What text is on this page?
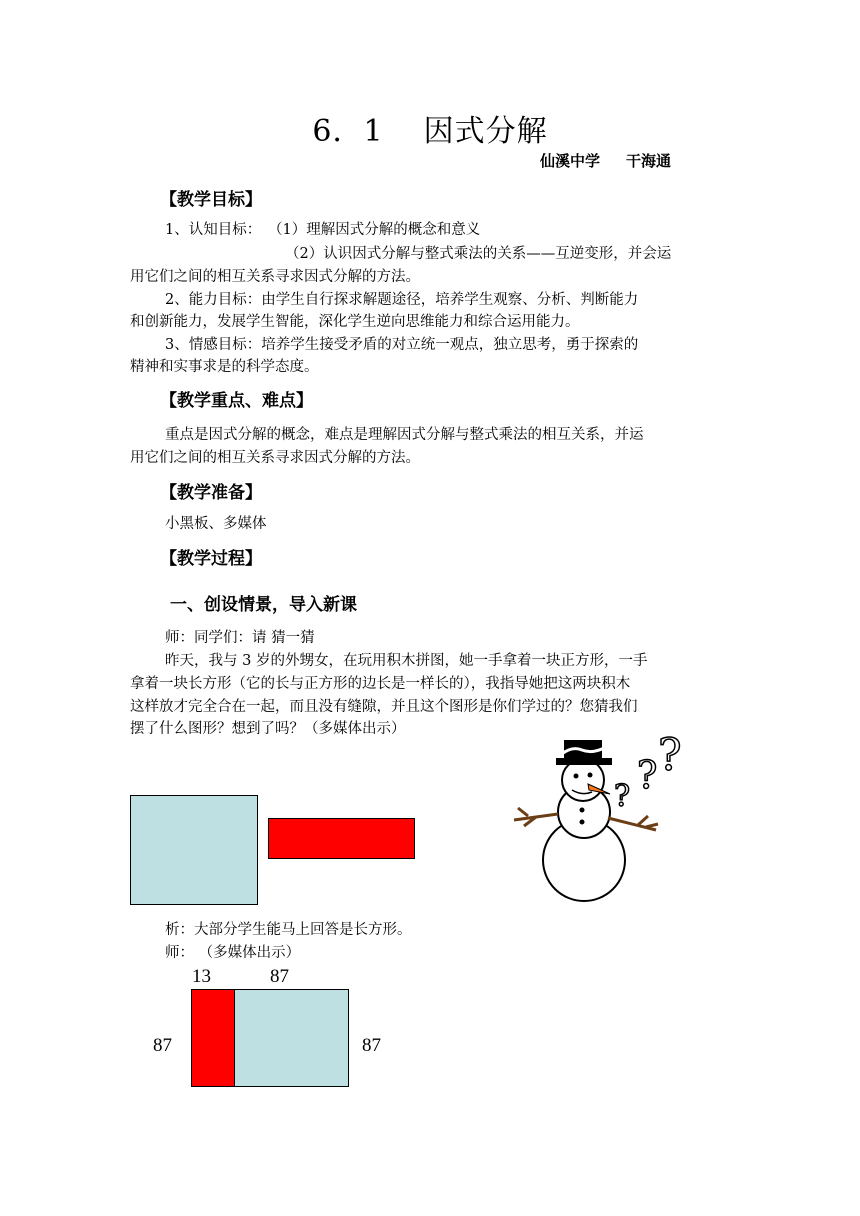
6．1 因式分解
仙溪中学 干海通
【教学目标】
1、认知目标： （1）理解因式分解的概念和意义
（2）认识因式分解与整式乘法的关系——互逆变形，并会运
用它们之间的相互关系寻求因式分解的方法。
2、能力目标：由学生自行探求解题途径，培养学生观察、分析、判断能力
和创新能力，发展学生智能，深化学生逆向思维能力和综合运用能力。
3、情感目标：培养学生接受矛盾的对立统一观点，独立思考，勇于探索的
精神和实事求是的科学态度。
【教学重点、难点】
重点是因式分解的概念，难点是理解因式分解与整式乘法的相互关系，并运
用它们之间的相互关系寻求因式分解的方法。
【教学准备】
小黑板、多媒体
【教学过程】
一、创设情景，导入新课
师：同学们：请 猜一猜
昨天，我与 3 岁的外甥女，在玩用积木拼图，她一手拿着一块正方形，一手
拿着一块长方形（它的长与正方形的边长是一样长的），我指导她把这两块积木
这样放才完全合在一起，而且没有缝隙，并且这个图形是你们学过的？您猜我们
摆了什么图形？想到了吗？（多媒体出示）
?
?
?
析：大部分学生能马上回答是长方形。
师： （多媒体出示）
13	87
87	87
